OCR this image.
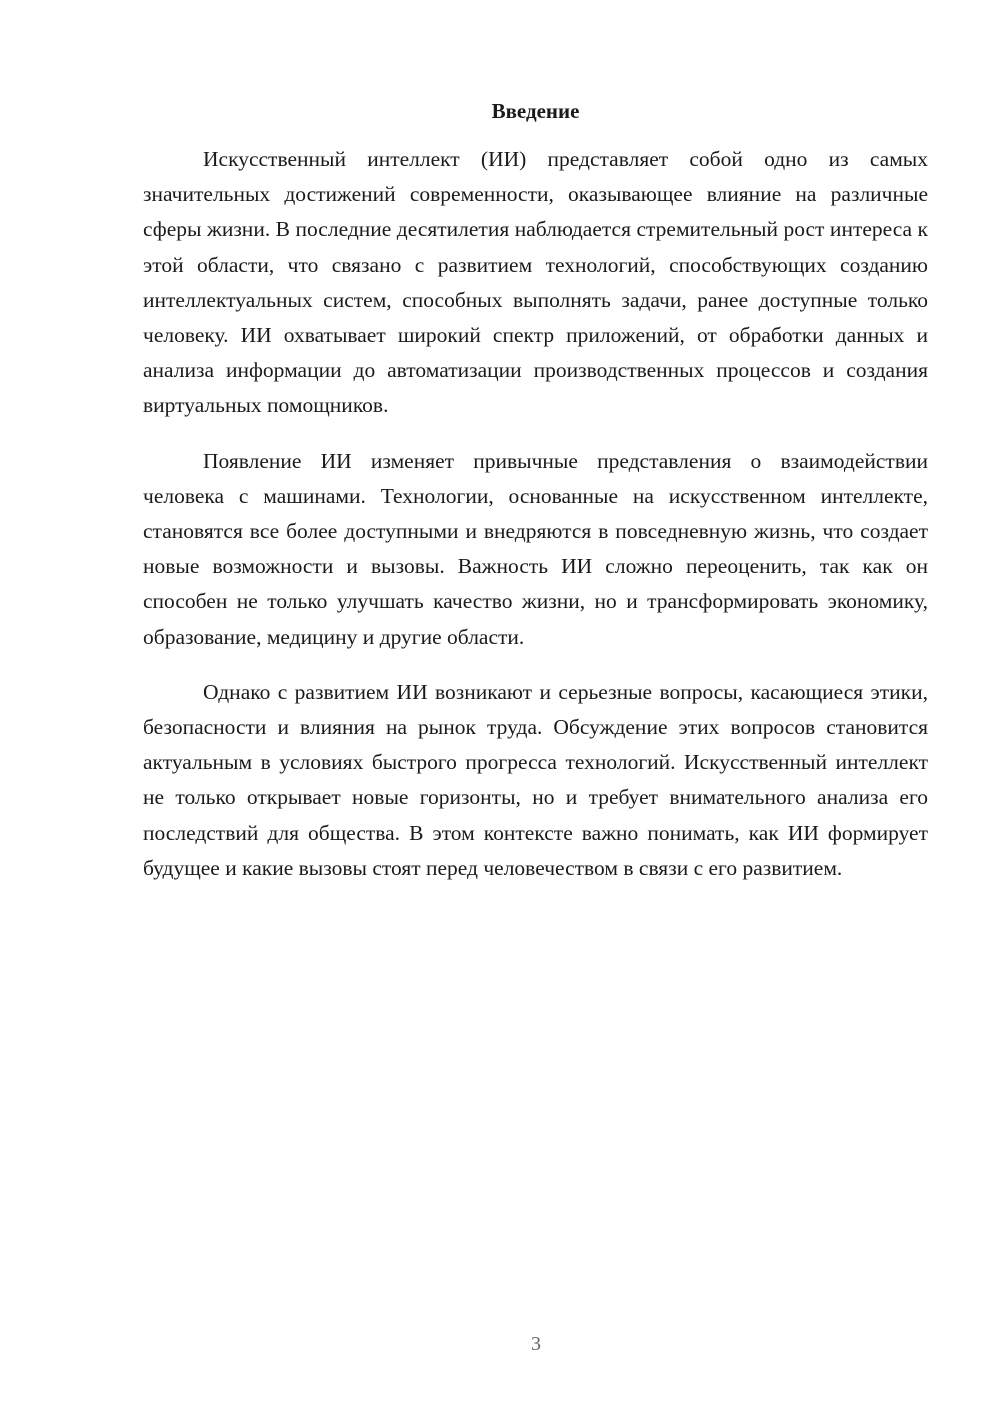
Введение

Искусственный интеллект (ИИ) представляет собой одно из самых значительных достижений современности, оказывающее влияние на различные сферы жизни. В последние десятилетия наблюдается стремительный рост интереса к этой области, что связано с развитием технологий, способствующих созданию интеллектуальных систем, способных выполнять задачи, ранее доступные только человеку. ИИ охватывает широкий спектр приложений, от обработки данных и анализа информации до автоматизации производственных процессов и создания виртуальных помощников.

Появление ИИ изменяет привычные представления о взаимодействии человека с машинами. Технологии, основанные на искусственном интеллекте, становятся все более доступными и внедряются в повседневную жизнь, что создает новые возможности и вызовы. Важность ИИ сложно переоценить, так как он способен не только улучшать качество жизни, но и трансформировать экономику, образование, медицину и другие области.

Однако с развитием ИИ возникают и серьезные вопросы, касающиеся этики, безопасности и влияния на рынок труда. Обсуждение этих вопросов становится актуальным в условиях быстрого прогресса технологий. Искусственный интеллект не только открывает новые горизонты, но и требует внимательного анализа его последствий для общества. В этом контексте важно понимать, как ИИ формирует будущее и какие вызовы стоят перед человечеством в связи с его развитием.

3
